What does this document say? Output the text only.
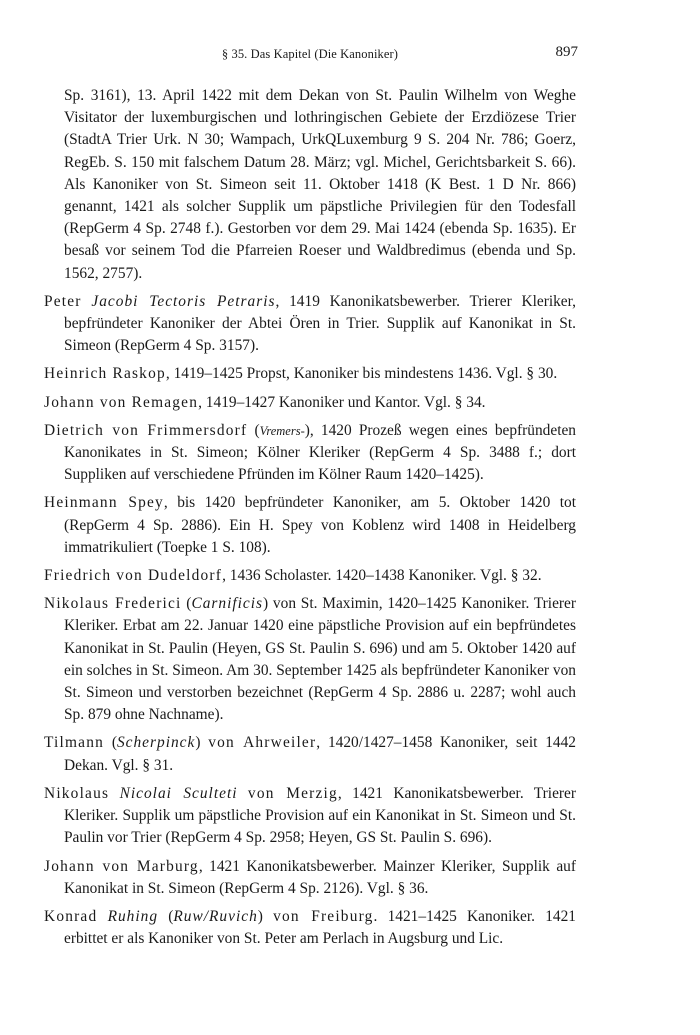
§ 35. Das Kapitel (Die Kanoniker)	897

Sp. 3161), 13. April 1422 mit dem Dekan von St. Paulin Wilhelm von Weghe Visitator der luxemburgischen und lothringischen Gebiete der Erzdiözese Trier (StadtA Trier Urk. N 30; Wampach, UrkQLuxemburg 9 S. 204 Nr. 786; Goerz, RegEb. S. 150 mit falschem Datum 28. März; vgl. Michel, Gerichtsbarkeit S. 66). Als Kanoniker von St. Simeon seit 11. Oktober 1418 (K Best. 1 D Nr. 866) genannt, 1421 als solcher Supplik um päpstliche Privilegien für den Todesfall (RepGerm 4 Sp. 2748 f.). Gestorben vor dem 29. Mai 1424 (ebenda Sp. 1635). Er besaß vor seinem Tod die Pfarreien Roeser und Waldbredimus (ebenda und Sp. 1562, 2757).

Peter Jacobi Tectoris Petraris, 1419 Kanonikatsbewerber. Trierer Kleriker, bepfründeter Kanoniker der Abtei Ören in Trier. Supplik auf Kanonikat in St. Simeon (RepGerm 4 Sp. 3157).

Heinrich Raskop, 1419–1425 Propst, Kanoniker bis mindestens 1436. Vgl. § 30.

Johann von Remagen, 1419–1427 Kanoniker und Kantor. Vgl. § 34.

Dietrich von Frimmersdorf (Vremers-), 1420 Prozeß wegen eines bepfründeten Kanonikates in St. Simeon; Kölner Kleriker (RepGerm 4 Sp. 3488 f.; dort Suppliken auf verschiedene Pfründen im Kölner Raum 1420–1425).

Heinmann Spey, bis 1420 bepfründeter Kanoniker, am 5. Oktober 1420 tot (RepGerm 4 Sp. 2886). Ein H. Spey von Koblenz wird 1408 in Heidelberg immatrikuliert (Toepke 1 S. 108).

Friedrich von Dudeldorf, 1436 Scholaster. 1420–1438 Kanoniker. Vgl. § 32.

Nikolaus Frederici (Carnificis) von St. Maximin, 1420–1425 Kanoniker. Trierer Kleriker. Erbat am 22. Januar 1420 eine päpstliche Provision auf ein bepfründetes Kanonikat in St. Paulin (Heyen, GS St. Paulin S. 696) und am 5. Oktober 1420 auf ein solches in St. Simeon. Am 30. September 1425 als bepfründeter Kanoniker von St. Simeon und verstorben bezeichnet (RepGerm 4 Sp. 2886 u. 2287; wohl auch Sp. 879 ohne Nachname).

Tilmann (Scherpinck) von Ahrweiler, 1420/1427–1458 Kanoniker, seit 1442 Dekan. Vgl. § 31.

Nikolaus Nicolai Sculteti von Merzig, 1421 Kanonikatsbewerber. Trierer Kleriker. Supplik um päpstliche Provision auf ein Kanonikat in St. Simeon und St. Paulin vor Trier (RepGerm 4 Sp. 2958; Heyen, GS St. Paulin S. 696).

Johann von Marburg, 1421 Kanonikatsbewerber. Mainzer Kleriker, Supplik auf Kanonikat in St. Simeon (RepGerm 4 Sp. 2126). Vgl. § 36.

Konrad Ruhing (Ruw/Ruvich) von Freiburg. 1421–1425 Kanoniker. 1421 erbittet er als Kanoniker von St. Peter am Perlach in Augsburg und Lic.
